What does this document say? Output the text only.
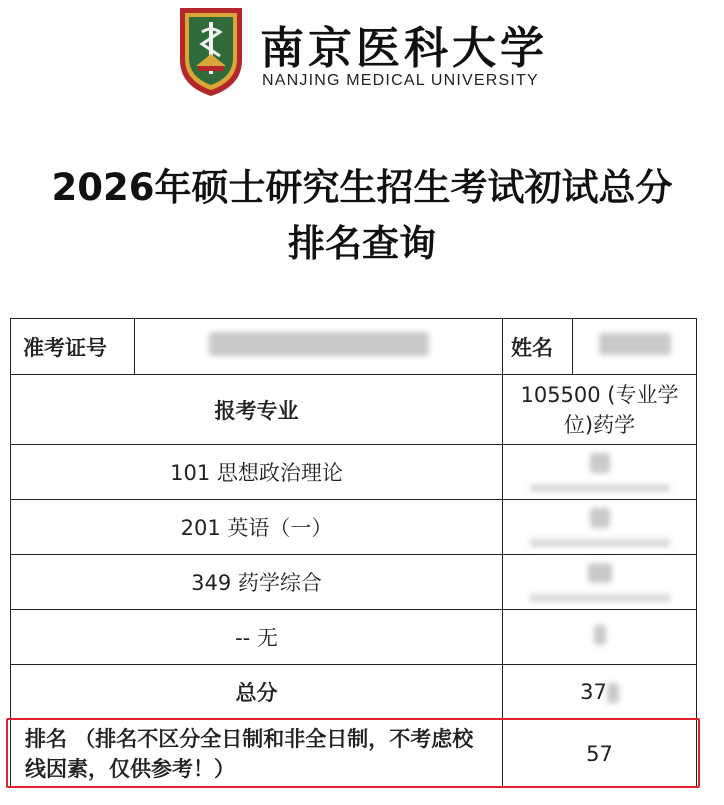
南京医科大学
NANJING MEDICAL UNIVERSITY
2026年硕士研究生招生考试初试总分排名查询
准考证号		姓名	
报考专业		105500 (专业学位)药学	
101 思想政治理论			

201 英语（一）			

349 药学综合			

-- 无			
总分		37	
排名 （排名不区分全日制和非全日制，不考虑校线因素，仅供参考！）		57	
